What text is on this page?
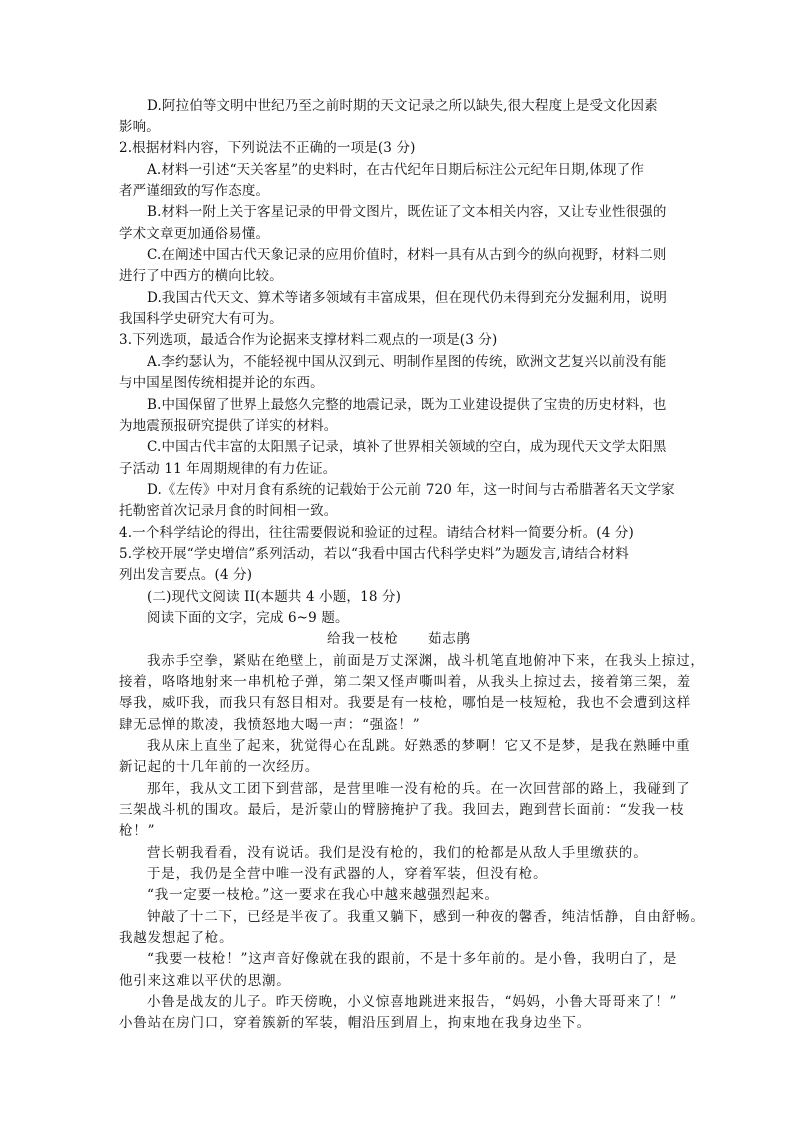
D.阿拉伯等文明中世纪乃至之前时期的天文记录之所以缺失,很大程度上是受文化因素
影响。
2.根据材料内容，下列说法不正确的一项是(3 分)
A.材料一引述“天关客星”的史料时，在古代纪年日期后标注公元纪年日期,体现了作
者严谨细致的写作态度。
B.材料一附上关于客星记录的甲骨文图片，既佐证了文本相关内容，又让专业性很强的
学术文章更加通俗易懂。
C.在阐述中国古代天象记录的应用价值时，材料一具有从古到今的纵向视野，材料二则
进行了中西方的横向比较。
D.我国古代天文、算术等诸多领域有丰富成果，但在现代仍未得到充分发掘利用，说明
我国科学史研究大有可为。
3.下列选项，最适合作为论据来支撑材料二观点的一项是(3 分)
A.李约瑟认为，不能轻视中国从汉到元、明制作星图的传统，欧洲文艺复兴以前没有能
与中国星图传统相提并论的东西。
B.中国保留了世界上最悠久完整的地震记录，既为工业建设提供了宝贵的历史材料，也
为地震预报研究提供了详实的材料。
C.中国古代丰富的太阳黑子记录，填补了世界相关领域的空白，成为现代天文学太阳黑
子活动 11 年周期规律的有力佐证。
D.《左传》中对月食有系统的记载始于公元前 720 年，这一时间与古希腊著名天文学家
托勒密首次记录月食的时间相一致。
4.一个科学结论的得出，往往需要假说和验证的过程。请结合材料一简要分析。(4 分)
5.学校开展“学史增信”系列活动，若以“我看中国古代科学史料”为题发言,请结合材料
列出发言要点。(4 分)
(二)现代文阅读 II(本题共 4 小题，18 分)
阅读下面的文字，完成 6~9 题。
给我一枝枪 茹志鹃
我赤手空拳，紧贴在绝壁上，前面是万丈深渊，战斗机笔直地俯冲下来，在我头上掠过，
接着，咯咯地射来一串机枪子弹，第二架又怪声嘶叫着，从我头上掠过去，接着第三架，羞
辱我，威吓我，而我只有怒目相对。我要是有一枝枪，哪怕是一枝短枪，我也不会遭到这样
肆无忌惮的欺凌，我愤怒地大喝一声：“强盗！”
我从床上直坐了起来，犹觉得心在乱跳。好熟悉的梦啊！它又不是梦，是我在熟睡中重
新记起的十几年前的一次经历。
那年，我从文工团下到营部，是营里唯一没有枪的兵。在一次回营部的路上，我碰到了
三架战斗机的围攻。最后，是沂蒙山的臂膀掩护了我。我回去，跑到营长面前：“发我一枝
枪！”
营长朝我看看，没有说话。我们是没有枪的，我们的枪都是从敌人手里缴获的。
于是，我仍是全营中唯一没有武器的人，穿着军装，但没有枪。
“我一定要一枝枪。”这一要求在我心中越来越强烈起来。
钟敲了十二下，已经是半夜了。我重又躺下，感到一种夜的馨香，纯洁恬静，自由舒畅。
我越发想起了枪。
“我要一枝枪！”这声音好像就在我的跟前，不是十多年前的。是小鲁，我明白了，是
他引来这难以平伏的思潮。
小鲁是战友的儿子。昨天傍晚，小义惊喜地跳进来报告，“妈妈，小鲁大哥哥来了！”
小鲁站在房门口，穿着簇新的军装，帽沿压到眉上，拘束地在我身边坐下。
